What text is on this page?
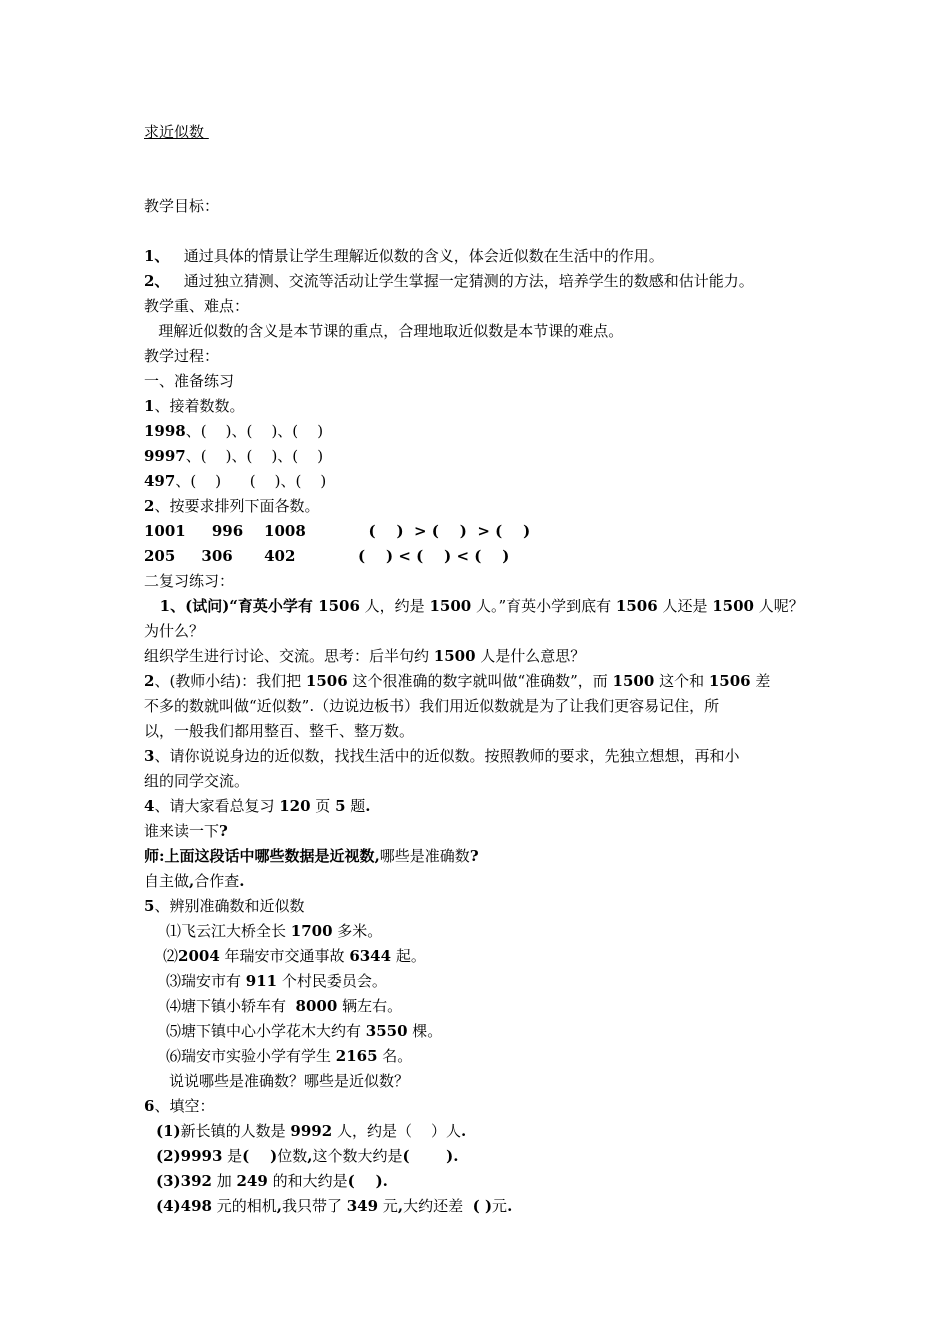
求近似数
教学目标：
1、   通过具体的情景让学生理解近似数的含义，体会近似数在生活中的作用。
2、   通过独立猜测、交流等活动让学生掌握一定猜测的方法，培养学生的数感和估计能力。
教学重、难点：
理解近似数的含义是本节课的重点，合理地取近似数是本节课的难点。
教学过程：
一、准备练习
1、接着数数。
1998、(    )、(    )、(    )
9997、(    )、(    )、(    )
497、(    )      (    )、(    )
2、按要求排列下面各数。
1001     996    1008            (    )  > (    )  > (    )
205     306      402            (    ) < (    ) < (    )
二复习练习：
1、(试问)“育英小学有 1506 人，约是 1500 人。”育英小学到底有 1506 人还是 1500 人呢？
为什么？
组织学生进行讨论、交流。思考：后半句约 1500 人是什么意思？
2、(教师小结)：我们把 1506 这个很准确的数字就叫做“准确数”，而 1500 这个和 1506 差
不多的数就叫做“近似数”.（边说边板书）我们用近似数就是为了让我们更容易记住，所
以，一般我们都用整百、整千、整万数。
3、请你说说身边的近似数，找找生活中的近似数。按照教师的要求，先独立想想，再和小
组的同学交流。
4、请大家看总复习 120 页 5 题.
谁来读一下?
师:上面这段话中哪些数据是近视数,哪些是准确数?
自主做,合作查.
5、辨别准确数和近似数
⑴飞云江大桥全长 1700 多米。
⑵2004 年瑞安市交通事故 6344 起。
⑶瑞安市有 911 个村民委员会。
⑷塘下镇小轿车有  8000 辆左右。
⑸塘下镇中心小学花木大约有 3550 棵。
⑹瑞安市实验小学有学生 2165 名。
说说哪些是准确数？哪些是近似数？
6、填空：
(1)新长镇的人数是 9992 人，约是（    ）人.
(2)9993 是(    )位数,这个数大约是(       ).
(3)392 加 249 的和大约是(    ).
(4)498 元的相机,我只带了 349 元,大约还差  ( )元.
